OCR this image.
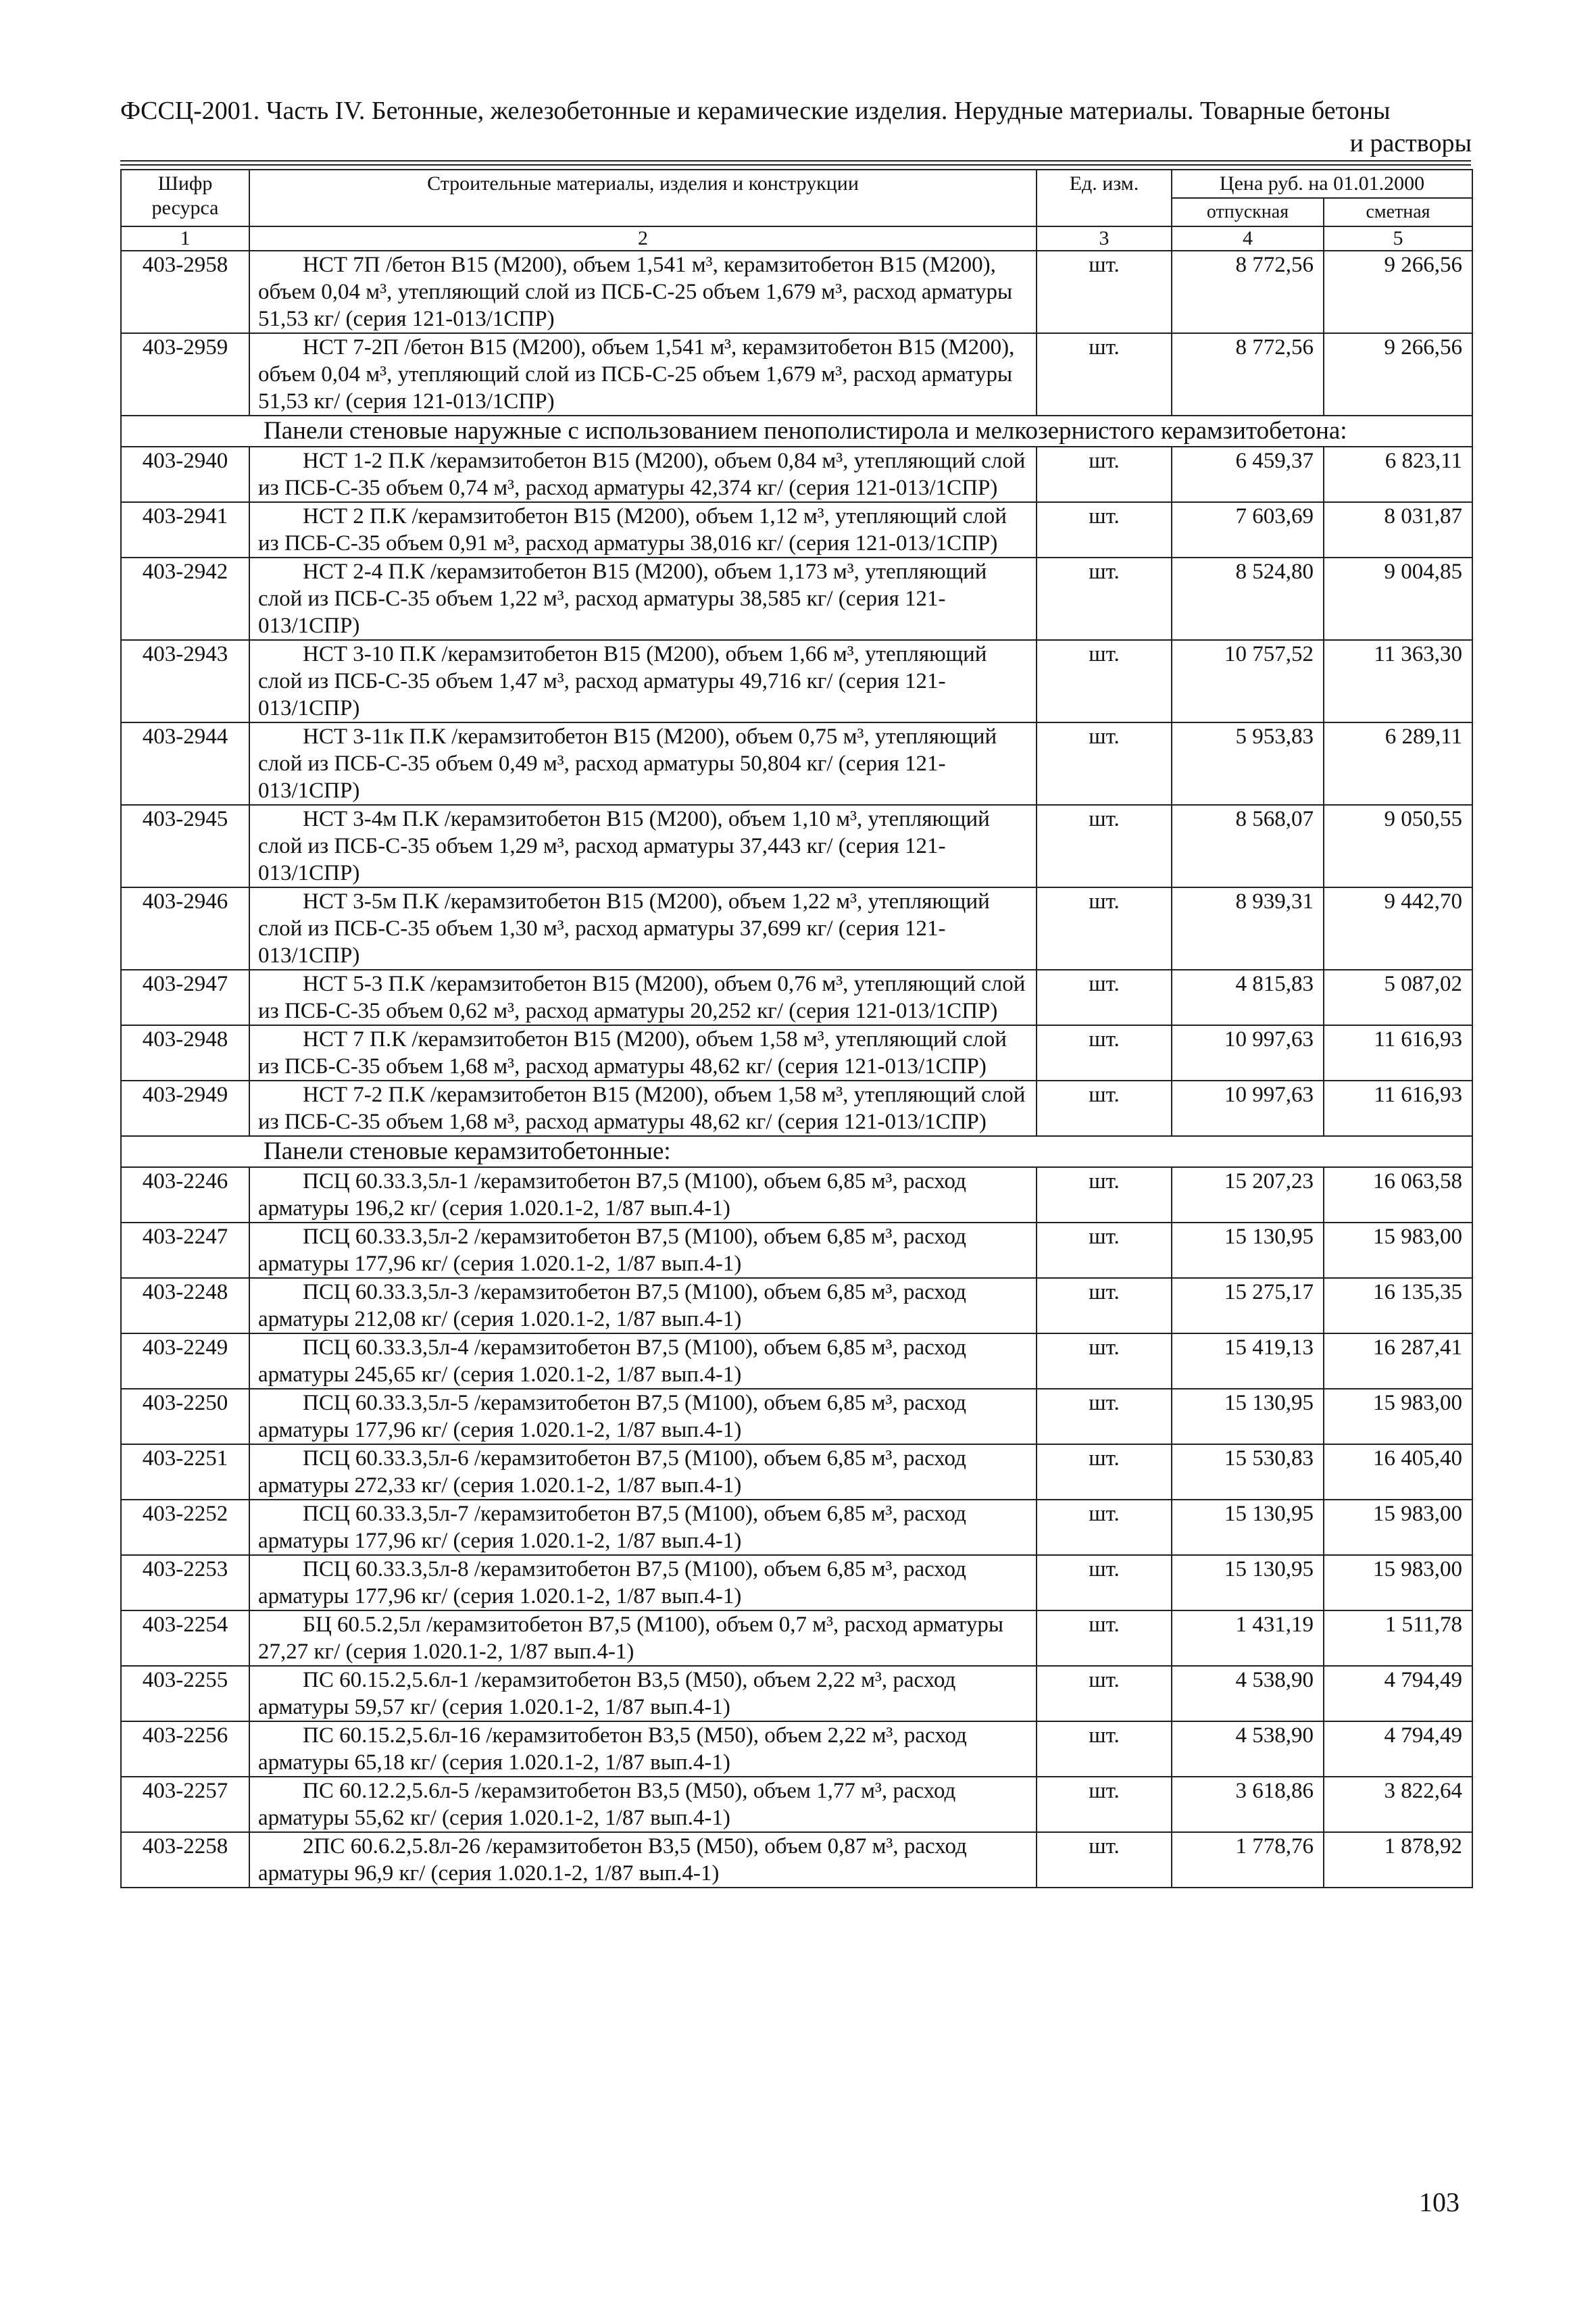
ФССЦ-2001. Часть IV. Бетонные, железобетонные и керамические изделия. Нерудные материалы. Товарные бетоны
и растворы
Шифр ресурса	Строительные материалы, изделия и конструкции	Ед. изм.	Цена руб. на 01.01.2000	
			отпускная	сметная
1	2	3	4	5
403-2958	НСТ 7П /бетон В15 (М200), объем 1,541 м³, керамзитобетон В15 (М200), объем 0,04 м³, утепляющий слой из ПСБ-С-25 объем 1,679 м³, расход арматуры 51,53 кг/ (серия 121-013/1СПР)	шт.	8 772,56	9 266,56
403-2959	НСТ 7-2П /бетон В15 (М200), объем 1,541 м³, керамзитобетон В15 (М200), объем 0,04 м³, утепляющий слой из ПСБ-С-25 объем 1,679 м³, расход арматуры 51,53 кг/ (серия 121-013/1СПР)	шт.	8 772,56	9 266,56
Панели стеновые наружные с использованием пенополистирола и мелкозернистого керамзитобетона:				
403-2940	НСТ 1-2 П.К /керамзитобетон В15 (М200), объем 0,84 м³, утепляющий слой из ПСБ-С-35 объем 0,74 м³, расход арматуры 42,374 кг/ (серия 121-013/1СПР)	шт.	6 459,37	6 823,11
403-2941	НСТ 2 П.К /керамзитобетон В15 (М200), объем 1,12 м³, утепляющий слой из ПСБ-С-35 объем 0,91 м³, расход арматуры 38,016 кг/ (серия 121-013/1СПР)	шт.	7 603,69	8 031,87
403-2942	НСТ 2-4 П.К /керамзитобетон В15 (М200), объем 1,173 м³, утепляющий слой из ПСБ-С-35 объем 1,22 м³, расход арматуры 38,585 кг/ (серия 121-013/1СПР)	шт.	8 524,80	9 004,85
403-2943	НСТ 3-10 П.К /керамзитобетон В15 (М200), объем 1,66 м³, утепляющий слой из ПСБ-С-35 объем 1,47 м³, расход арматуры 49,716 кг/ (серия 121-013/1СПР)	шт.	10 757,52	11 363,30
403-2944	НСТ 3-11к П.К /керамзитобетон В15 (М200), объем 0,75 м³, утепляющий слой из ПСБ-С-35 объем 0,49 м³, расход арматуры 50,804 кг/ (серия 121-013/1СПР)	шт.	5 953,83	6 289,11
403-2945	НСТ 3-4м П.К /керамзитобетон В15 (М200), объем 1,10 м³, утепляющий слой из ПСБ-С-35 объем 1,29 м³, расход арматуры 37,443 кг/ (серия 121-013/1СПР)	шт.	8 568,07	9 050,55
403-2946	НСТ 3-5м П.К /керамзитобетон В15 (М200), объем 1,22 м³, утепляющий слой из ПСБ-С-35 объем 1,30 м³, расход арматуры 37,699 кг/ (серия 121-013/1СПР)	шт.	8 939,31	9 442,70
403-2947	НСТ 5-3 П.К /керамзитобетон В15 (М200), объем 0,76 м³, утепляющий слой из ПСБ-С-35 объем 0,62 м³, расход арматуры 20,252 кг/ (серия 121-013/1СПР)	шт.	4 815,83	5 087,02
403-2948	НСТ 7 П.К /керамзитобетон В15 (М200), объем 1,58 м³, утепляющий слой из ПСБ-С-35 объем 1,68 м³, расход арматуры 48,62 кг/ (серия 121-013/1СПР)	шт.	10 997,63	11 616,93
403-2949	НСТ 7-2 П.К /керамзитобетон В15 (М200), объем 1,58 м³, утепляющий слой из ПСБ-С-35 объем 1,68 м³, расход арматуры 48,62 кг/ (серия 121-013/1СПР)	шт.	10 997,63	11 616,93
Панели стеновые керамзитобетонные:				
403-2246	ПСЦ 60.33.3,5л-1 /керамзитобетон В7,5 (М100), объем 6,85 м³, расход арматуры 196,2 кг/ (серия 1.020.1-2, 1/87 вып.4-1)	шт.	15 207,23	16 063,58
403-2247	ПСЦ 60.33.3,5л-2 /керамзитобетон В7,5 (М100), объем 6,85 м³, расход арматуры 177,96 кг/ (серия 1.020.1-2, 1/87 вып.4-1)	шт.	15 130,95	15 983,00
403-2248	ПСЦ 60.33.3,5л-3 /керамзитобетон В7,5 (М100), объем 6,85 м³, расход арматуры 212,08 кг/ (серия 1.020.1-2, 1/87 вып.4-1)	шт.	15 275,17	16 135,35
403-2249	ПСЦ 60.33.3,5л-4 /керамзитобетон В7,5 (М100), объем 6,85 м³, расход арматуры 245,65 кг/ (серия 1.020.1-2, 1/87 вып.4-1)	шт.	15 419,13	16 287,41
403-2250	ПСЦ 60.33.3,5л-5 /керамзитобетон В7,5 (М100), объем 6,85 м³, расход арматуры 177,96 кг/ (серия 1.020.1-2, 1/87 вып.4-1)	шт.	15 130,95	15 983,00
403-2251	ПСЦ 60.33.3,5л-6 /керамзитобетон В7,5 (М100), объем 6,85 м³, расход арматуры 272,33 кг/ (серия 1.020.1-2, 1/87 вып.4-1)	шт.	15 530,83	16 405,40
403-2252	ПСЦ 60.33.3,5л-7 /керамзитобетон В7,5 (М100), объем 6,85 м³, расход арматуры 177,96 кг/ (серия 1.020.1-2, 1/87 вып.4-1)	шт.	15 130,95	15 983,00
403-2253	ПСЦ 60.33.3,5л-8 /керамзитобетон В7,5 (М100), объем 6,85 м³, расход арматуры 177,96 кг/ (серия 1.020.1-2, 1/87 вып.4-1)	шт.	15 130,95	15 983,00
403-2254	БЦ 60.5.2,5л /керамзитобетон В7,5 (М100), объем 0,7 м³, расход арматуры 27,27 кг/ (серия 1.020.1-2, 1/87 вып.4-1)	шт.	1 431,19	1 511,78
403-2255	ПС 60.15.2,5.6л-1 /керамзитобетон В3,5 (М50), объем 2,22 м³, расход арматуры 59,57 кг/ (серия 1.020.1-2, 1/87 вып.4-1)	шт.	4 538,90	4 794,49
403-2256	ПС 60.15.2,5.6л-16 /керамзитобетон В3,5 (М50), объем 2,22 м³, расход арматуры 65,18 кг/ (серия 1.020.1-2, 1/87 вып.4-1)	шт.	4 538,90	4 794,49
403-2257	ПС 60.12.2,5.6л-5 /керамзитобетон В3,5 (М50), объем 1,77 м³, расход арматуры 55,62 кг/ (серия 1.020.1-2, 1/87 вып.4-1)	шт.	3 618,86	3 822,64
403-2258	2ПС 60.6.2,5.8л-26 /керамзитобетон В3,5 (М50), объем 0,87 м³, расход арматуры 96,9 кг/ (серия 1.020.1-2, 1/87 вып.4-1)	шт.	1 778,76	1 878,92
103
